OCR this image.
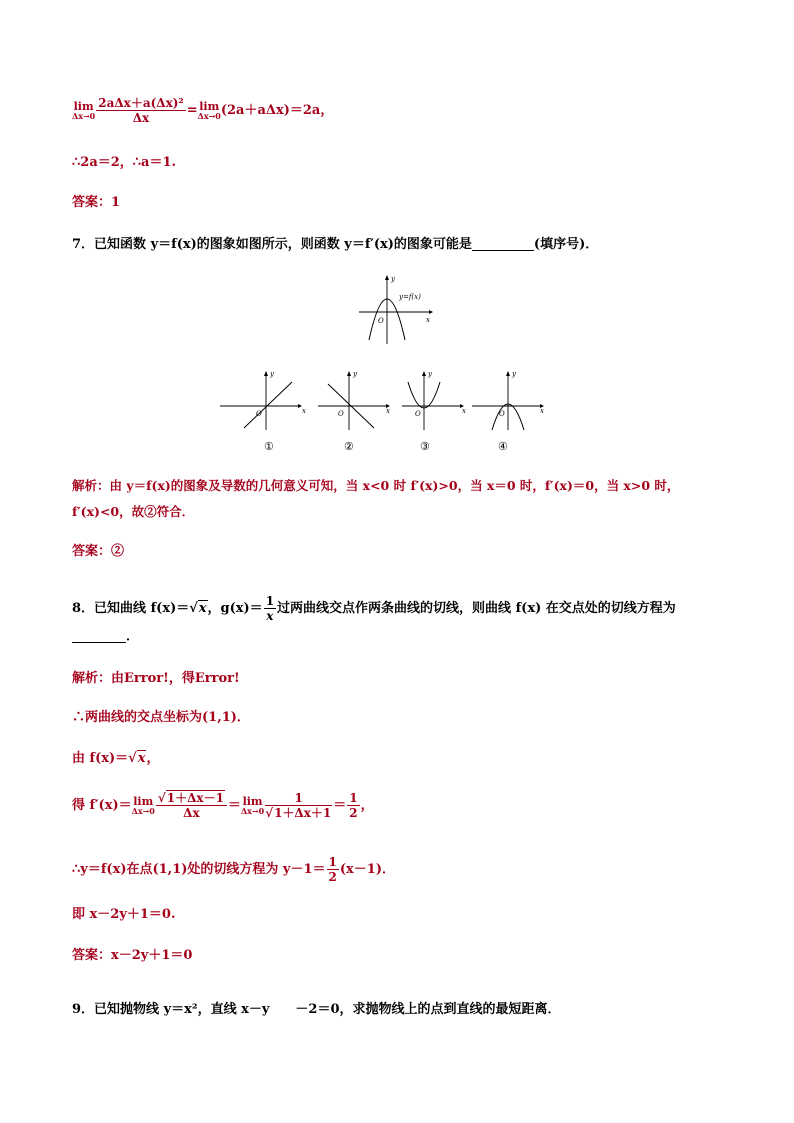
lim
$\Delta x\to 0 \frac{\text{2aΔx＋a(Δx)²}}{\Delta x} = \lim$
Δx→0 (2a＋aΔx)＝2a，
∴2a＝2，∴a＝1.
答案：1
7．已知函数 y＝f(x)的图象如图所示，则函数 y＝f′(x)的图象可能是	(填序号)．
y
x
O
y=f(x)
y
x
O
y
x
O
y
x
O
y
x
O
①	②	③	④
解析：由 y＝f(x)的图象及导数的几何意义可知，当 x<0 时 f′(x)>0，当 x＝0 时，f′(x)＝0，当 x>0 时，
f′(x)<0，故②符合．
答案：②
8．已知曲线 f(x)＝√x，$g(x)= \frac{1}{x}$ 过两曲线交点作两条曲线的切线，则曲线 f(x) 在交点处的切线方程为
．
解析：由Error!，得Error!
∴两曲线的交点坐标为(1,1)．
由 f(x)＝√x，
得 f′(x)＝ lim
$\Delta x\to 0 \frac{√1+\Delta x-1}{\Delta x} = \lim$
$\Delta x\to 0 \frac{1}{√1+\Delta x+1} = \frac{1}{2}$ ，
∴y＝f(x)在点(1,1)处的切线方程为 $y-1= \frac{1}{2} (x-1)$．
即 x－2y＋1＝0.
答案：x－2y＋1＝0
9．已知抛物线 y＝x²，直线 x－y　　－2＝0，求抛物线上的点到直线的最短距离．
